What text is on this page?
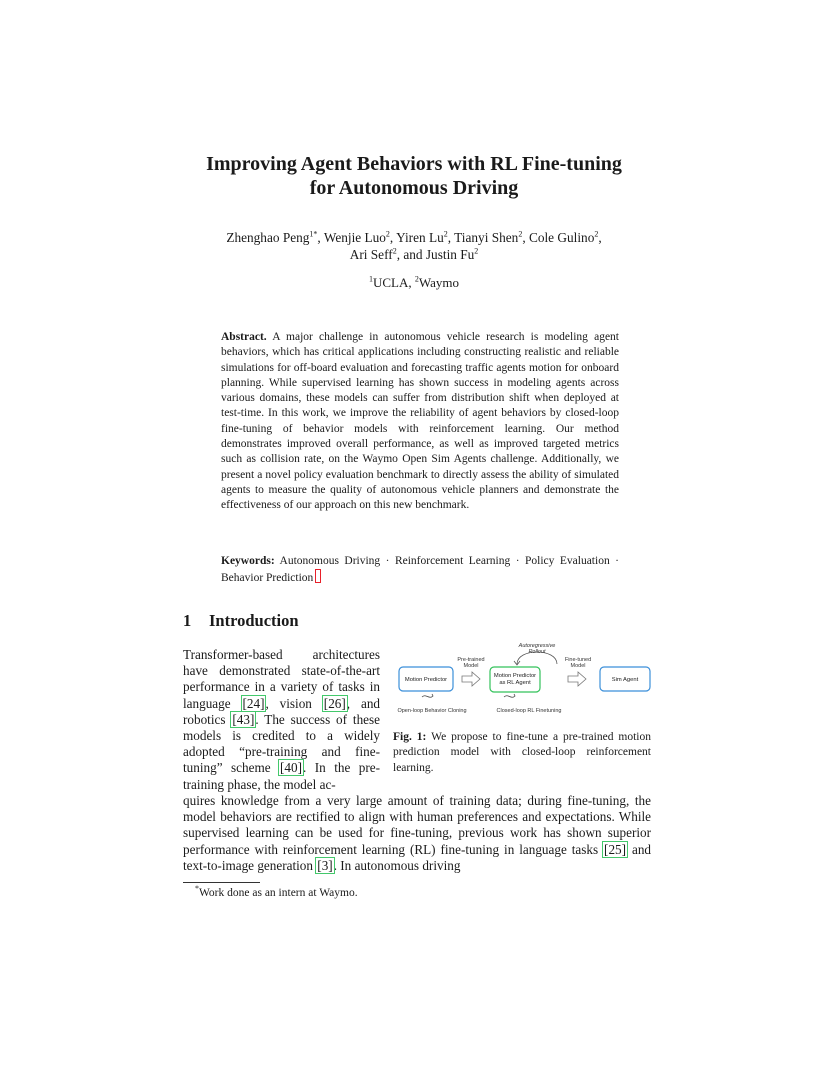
Improving Agent Behaviors with RL Fine-tuning
for Autonomous Driving
Zhenghao Peng$^{1*}$, Wenjie Luo$^2$, Yiren Lu$^2$, Tianyi Shen$^2$, Cole Gulino$^2$,
Ari Seff$^2$, and Justin Fu$^2$
$^1$UCLA, $^2$Waymo
Abstract. A major challenge in autonomous vehicle research is modeling agent behaviors, which has critical applications including constructing realistic and reliable simulations for off-board evaluation and forecasting traffic agents motion for onboard planning. While supervised learning has shown success in modeling agents across various domains, these models can suffer from distribution shift when deployed at test-time. In this work, we improve the reliability of agent behaviors by closed-loop fine-tuning of behavior models with reinforcement learning. Our method demonstrates improved overall performance, as well as improved targeted metrics such as collision rate, on the Waymo Open Sim Agents challenge. Additionally, we present a novel policy evaluation benchmark to directly assess the ability of simulated agents to measure the quality of autonomous vehicle planners and demonstrate the effectiveness of our approach on this new benchmark.
Keywords: Autonomous Driving · Reinforcement Learning · Policy Evaluation · Behavior Prediction
1 Introduction
Transformer-based architectures have demonstrated state-of-the-art performance in a variety of tasks in language [24], vision [26], and robotics [43]. The success of these models is credited to a widely adopted “pre-training and fine-tuning” scheme [40]. In the pre-training phase, the model ac-
quires knowledge from a very large amount of training data; during fine-tuning, the model behaviors are rectified to align with human preferences and expectations. While supervised learning can be used for fine-tuning, previous work has shown superior performance with reinforcement learning (RL) fine-tuning in language tasks [25] and text-to-image generation [3]. In autonomous driving
Autoregressive
Rollout
Motion Predictor
Pre-trained
Model
Motion Predictor
as RL Agent
Fine-tuned
Model
Sim Agent
Open-loop Behavior Cloning	Closed-loop RL Finetuning
Fig. 1: We propose to fine-tune a pre-trained motion prediction model with closed-loop reinforcement learning.
*Work done as an intern at Waymo.
